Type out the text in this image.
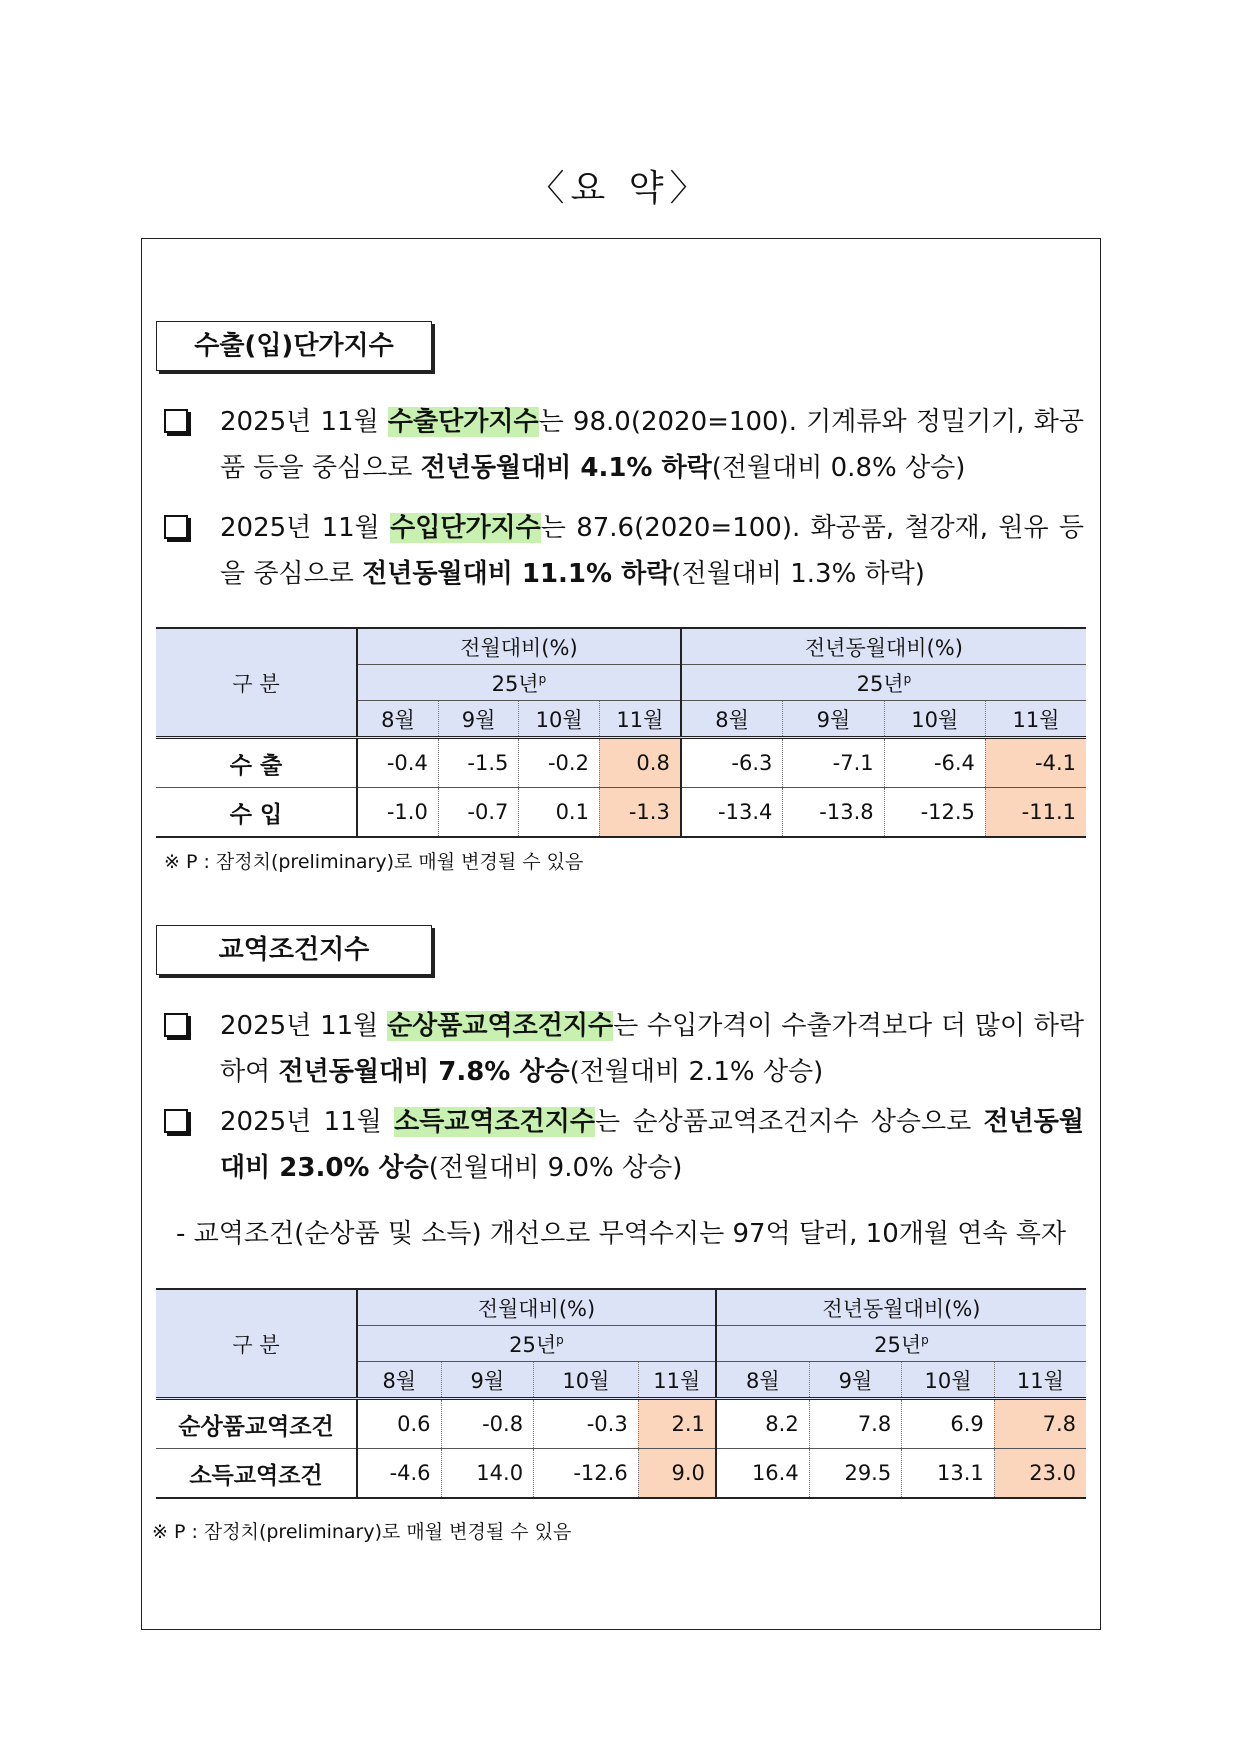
〈요 약〉
수출(입)단가지수
2025년 11월 수출단가지수는 98.0(2020=100). 기계류와 정밀기기, 화공품 등을 중심으로 전년동월대비 4.1% 하락(전월대비 0.8% 상승)
2025년 11월 수입단가지수는 87.6(2020=100). 화공품, 철강재, 원유 등을 중심으로 전년동월대비 11.1% 하락(전월대비 1.3% 하락)
구 분	전월대비(%)				전년동월대비(%)			
	25년$^p$				25년$^p$
	8월	9월	10월	11월	8월	9월	10월	11월
수 출	-0.4	-1.5	-0.2	0.8	-6.3	-7.1	-6.4	-4.1
수 입	-1.0	-0.7	0.1	-1.3	-13.4	-13.8	-12.5	-11.1
※ P : 잠정치(preliminary)로 매월 변경될 수 있음
교역조건지수
2025년 11월 순상품교역조건지수는 수입가격이 수출가격보다 더 많이 하락하여 전년동월대비 7.8% 상승(전월대비 2.1% 상승)
2025년 11월 소득교역조건지수는 순상품교역조건지수 상승으로 전년동월대비 23.0% 상승(전월대비 9.0% 상승)
- 교역조건(순상품 및 소득) 개선으로 무역수지는 97억 달러, 10개월 연속 흑자
구 분	전월대비(%)				전년동월대비(%)			
	25년$^p$				25년$^p$
	8월	9월	10월	11월	8월	9월	10월	11월
순상품교역조건	0.6	-0.8	-0.3	2.1	8.2	7.8	6.9	7.8
소득교역조건	-4.6	14.0	-12.6	9.0	16.4	29.5	13.1	23.0
※ P : 잠정치(preliminary)로 매월 변경될 수 있음
